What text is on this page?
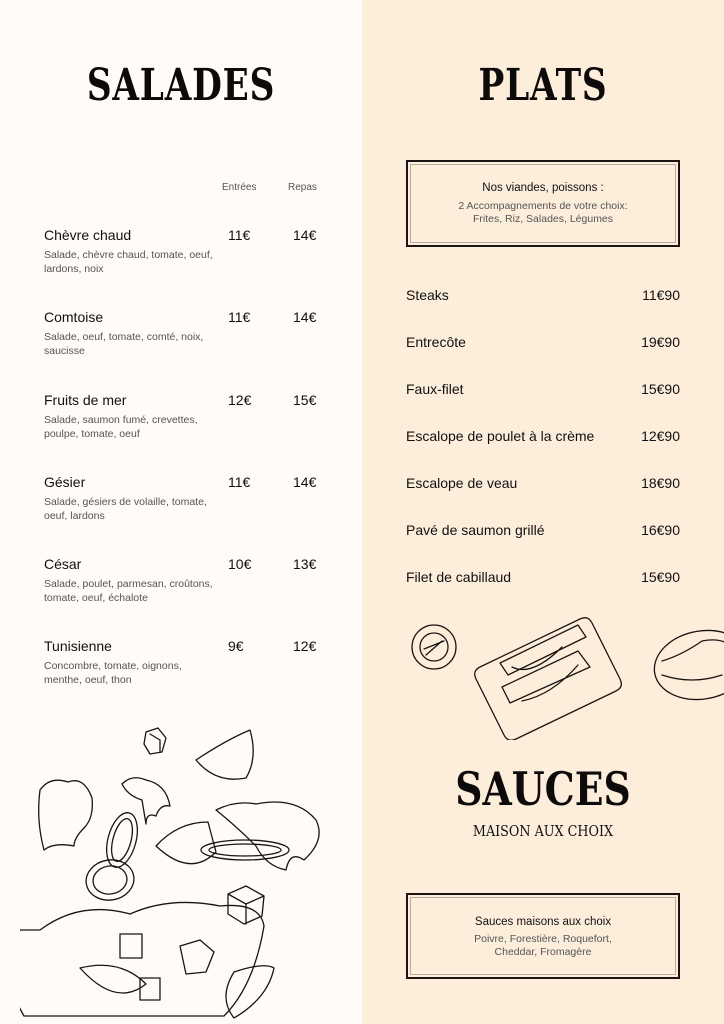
SALADES
Entrées	Repas
Chèvre chaud	11€	14€
Salade, chèvre chaud, tomate, oeuf, lardons, noix
Comtoise	11€	14€
Salade, oeuf, tomate, comté, noix, saucisse
Fruits de mer	12€	15€
Salade, saumon fumé, crevettes, poulpe, tomate, oeuf
Gésier	11€	14€
Salade, gésiers de volaille, tomate, oeuf, lardons
César	10€	13€
Salade, poulet, parmesan, croûtons, tomate, oeuf, échalote
Tunisienne	9€	12€
Concombre, tomate, oignons, menthe, oeuf, thon
PLATS
Nos viandes, poissons :
2 Accompagnements de votre choix:
Frites, Riz, Salades, Légumes
Steaks	11€90
Entrecôte	19€90
Faux-filet	15€90
Escalope de poulet à la crème	12€90
Escalope de veau	18€90
Pavé de saumon grillé	16€90
Filet de cabillaud	15€90
SAUCES
MAISON AUX CHOIX
Sauces maisons aux choix
Poivre, Forestière, Roquefort,
Cheddar, Fromagère
